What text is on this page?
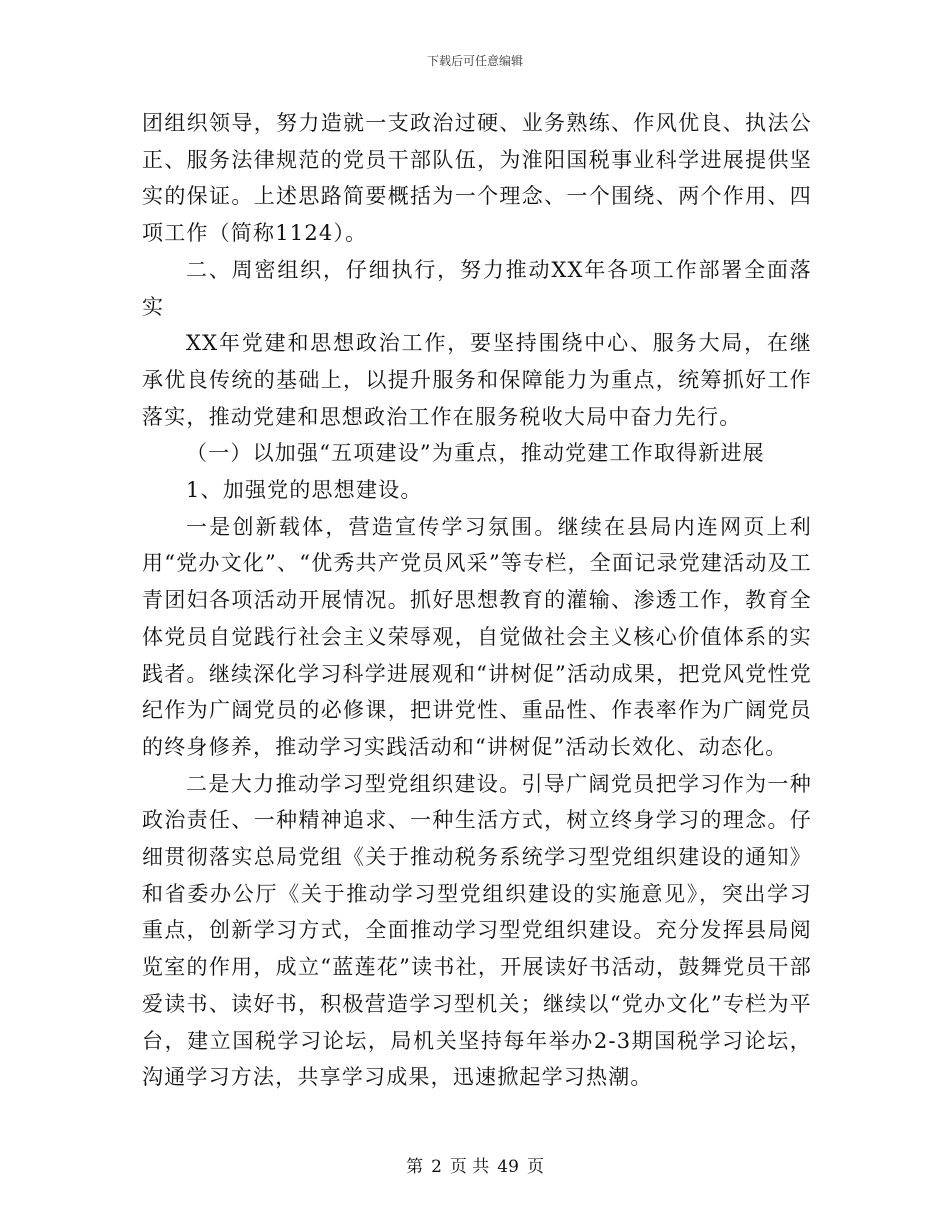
下载后可任意编辑

团组织领导，努力造就一支政治过硬、业务熟练、作风优良、执法公正、服务法律规范的党员干部队伍，为淮阳国税事业科学进展提供坚实的保证。上述思路简要概括为一个理念、一个围绕、两个作用、四项工作（简称1124）。

二、周密组织，仔细执行，努力推动XX年各项工作部署全面落实

XX年党建和思想政治工作，要坚持围绕中心、服务大局，在继承优良传统的基础上，以提升服务和保障能力为重点，统筹抓好工作落实，推动党建和思想政治工作在服务税收大局中奋力先行。

（一）以加强“五项建设”为重点，推动党建工作取得新进展

1、加强党的思想建设。

一是创新载体，营造宣传学习氛围。继续在县局内连网页上利用“党办文化”、“优秀共产党员风采”等专栏，全面记录党建活动及工青团妇各项活动开展情况。抓好思想教育的灌输、渗透工作，教育全体党员自觉践行社会主义荣辱观，自觉做社会主义核心价值体系的实践者。继续深化学习科学进展观和“讲树促”活动成果，把党风党性党纪作为广阔党员的必修课，把讲党性、重品性、作表率作为广阔党员的终身修养，推动学习实践活动和“讲树促”活动长效化、动态化。

二是大力推动学习型党组织建设。引导广阔党员把学习作为一种政治责任、一种精神追求、一种生活方式，树立终身学习的理念。仔细贯彻落实总局党组《关于推动税务系统学习型党组织建设的通知》和省委办公厅《关于推动学习型党组织建设的实施意见》，突出学习重点，创新学习方式，全面推动学习型党组织建设。充分发挥县局阅览室的作用，成立“蓝莲花”读书社，开展读好书活动，鼓舞党员干部爱读书、读好书，积极营造学习型机关；继续以“党办文化”专栏为平台，建立国税学习论坛，局机关坚持每年举办2-3期国税学习论坛，沟通学习方法，共享学习成果，迅速掀起学习热潮。

第 2 页 共 49 页
